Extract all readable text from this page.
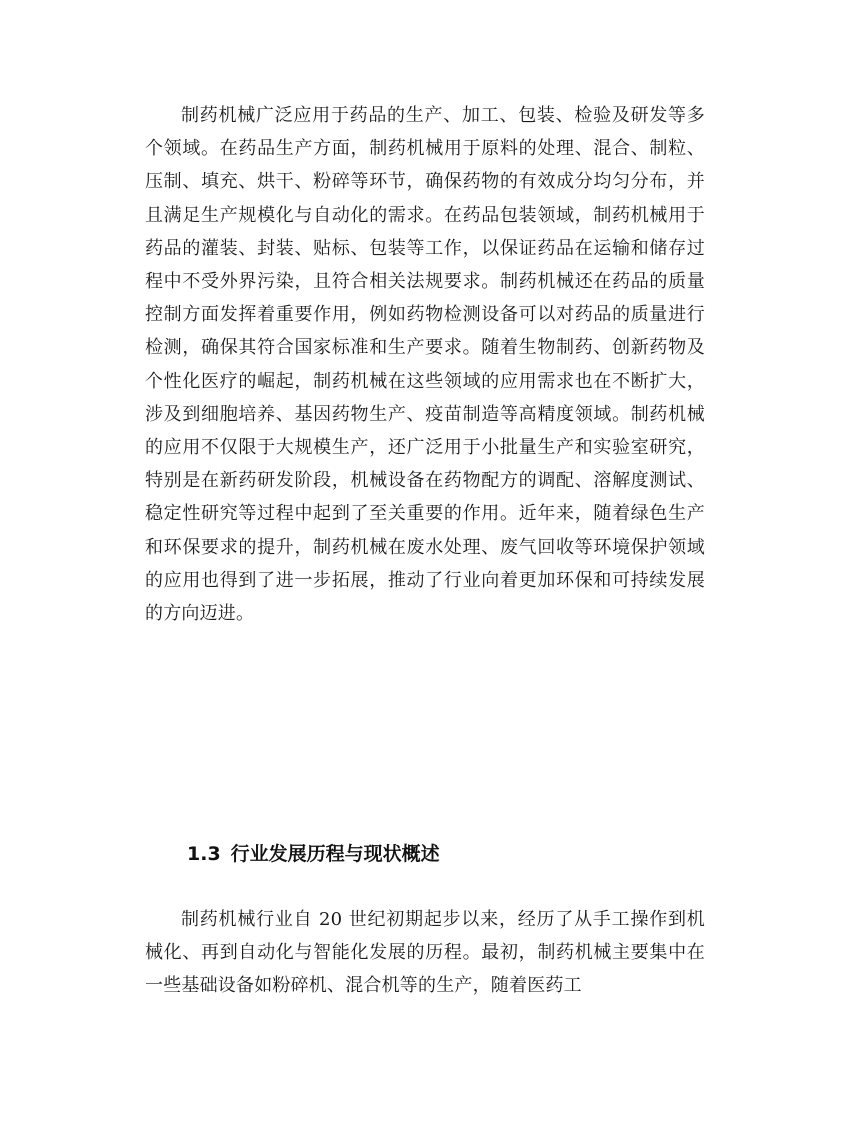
制药机械广泛应用于药品的生产、加工、包装、检验及研发等多个领域。在药品生产方面，制药机械用于原料的处理、混合、制粒、压制、填充、烘干、粉碎等环节，确保药物的有效成分均匀分布，并且满足生产规模化与自动化的需求。在药品包装领域，制药机械用于药品的灌装、封装、贴标、包装等工作，以保证药品在运输和储存过程中不受外界污染，且符合相关法规要求。制药机械还在药品的质量控制方面发挥着重要作用，例如药物检测设备可以对药品的质量进行检测，确保其符合国家标准和生产要求。随着生物制药、创新药物及个性化医疗的崛起，制药机械在这些领域的应用需求也在不断扩大，涉及到细胞培养、基因药物生产、疫苗制造等高精度领域。制药机械的应用不仅限于大规模生产，还广泛用于小批量生产和实验室研究，特别是在新药研发阶段，机械设备在药物配方的调配、溶解度测试、稳定性研究等过程中起到了至关重要的作用。近年来，随着绿色生产和环保要求的提升，制药机械在废水处理、废气回收等环境保护领域的应用也得到了进一步拓展，推动了行业向着更加环保和可持续发展的方向迈进。

1.3 行业发展历程与现状概述

制药机械行业自 20 世纪初期起步以来，经历了从手工操作到机械化、再到自动化与智能化发展的历程。最初，制药机械主要集中在一些基础设备如粉碎机、混合机等的生产，随着医药工
